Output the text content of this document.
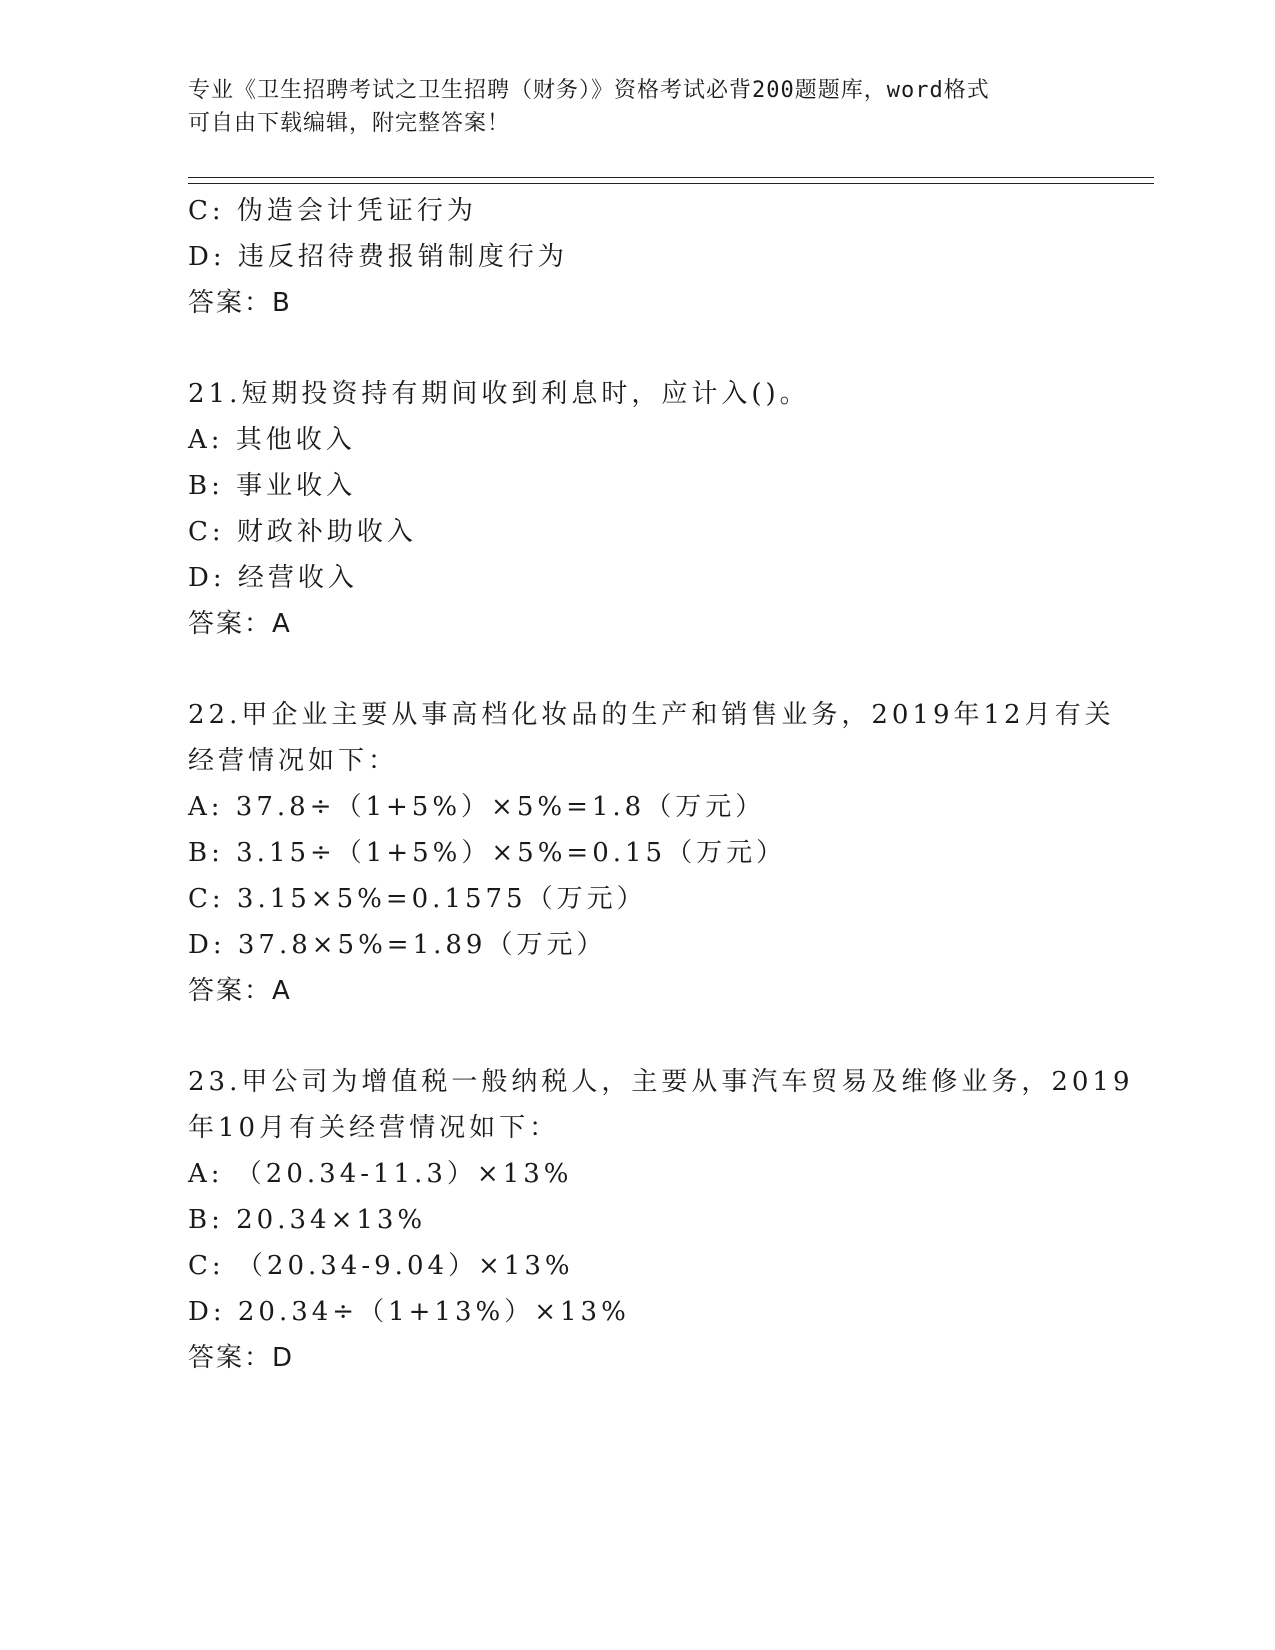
专业《卫生招聘考试之卫生招聘（财务）》资格考试必背200题题库，word格式
可自由下载编辑，附完整答案！
C: 伪造会计凭证行为
D: 违反招待费报销制度行为
答案：B
21.短期投资持有期间收到利息时，应计入()。
A: 其他收入
B: 事业收入
C: 财政补助收入
D: 经营收入
答案：A
22.甲企业主要从事高档化妆品的生产和销售业务，2019年12月有关
经营情况如下：
A: 37.8÷（1+5%）×5%=1.8（万元）
B: 3.15÷（1+5%）×5%=0.15（万元）
C: 3.15×5%=0.1575（万元）
D: 37.8×5%=1.89（万元）
答案：A
23.甲公司为增值税一般纳税人，主要从事汽车贸易及维修业务，2019
年10月有关经营情况如下：
A: （20.34-11.3）×13%
B: 20.34×13%
C: （20.34-9.04）×13%
D: 20.34÷（1+13%）×13%
答案：D
